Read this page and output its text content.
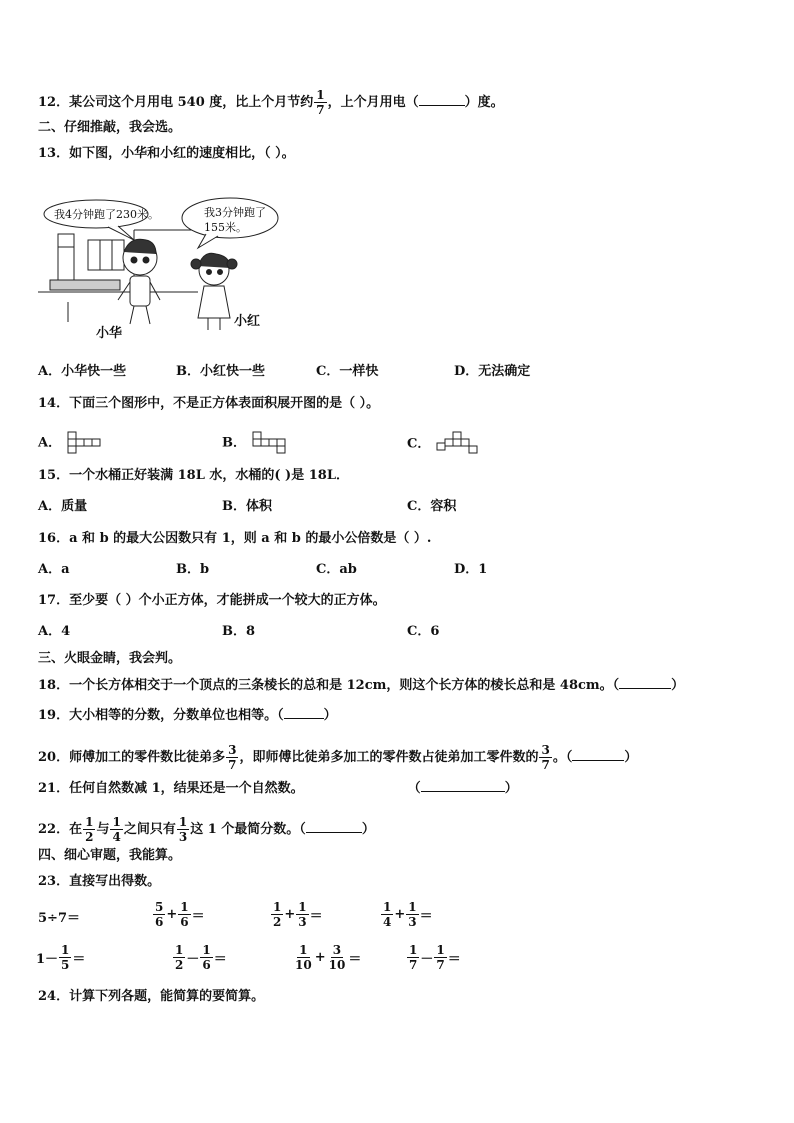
12．某公司这个月用电 540 度，比上个月节约 $\frac{1}{7}$ ，上个月用电（	）度。
二、仔细推敲，我会选。
13．如下图，小华和小红的速度相比，（ ）。
我4分钟跑了230米。	我3分钟跑了
155米。
小华
小红
A．小华快一些	B．小红快一些	C．一样快	D．无法确定
14．下面三个图形中，不是正方体表面积展开图的是（ ）。
A．	B．	C．
15．一个水桶正好装满 18L 水，水桶的( )是 18L．
A．质量	B．体积	C．容积
16．a 和 b 的最大公因数只有 1，则 a 和 b 的最小公倍数是（ ）.
A．a	B．b	C．ab	D．1
17．至少要（ ）个小正方体，才能拼成一个较大的正方体。
A．4	B．8	C．6
三、火眼金睛，我会判。
18．一个长方体相交于一个顶点的三条棱长的总和是 12cm，则这个长方体的棱长总和是 48cm。（	）
19．大小相等的分数，分数单位也相等。（	）
20．师傅加工的零件数比徒弟多 $\frac{3}{7}$ ，即师傅比徒弟多加工的零件数占徒弟加工零件数的 $\frac{3}{7}$ 。（	）
21．任何自然数减 1，结果还是一个自然数。	（	）
22．在 $\frac{1}{2}$ 与 $\frac{1}{4}$ 之间只有 $\frac{1}{3}$ 这 1 个最简分数。（	）
四、细心审题，我能算。
23．直接写出得数。
5÷7＝	$\frac{5}{6} + \frac{1}{6}$ ＝	$\frac{1}{2} + \frac{1}{3}$ ＝	$\frac{1}{4} + \frac{1}{3}$ ＝
$1- \frac{1}{5}$ ＝	$\frac{1}{2} - \frac{1}{6}$ ＝	$\frac{1}{10} + \frac{3}{10}$ ＝	$\frac{1}{7} - \frac{1}{7}$ ＝
24．计算下列各题，能简算的要简算。
